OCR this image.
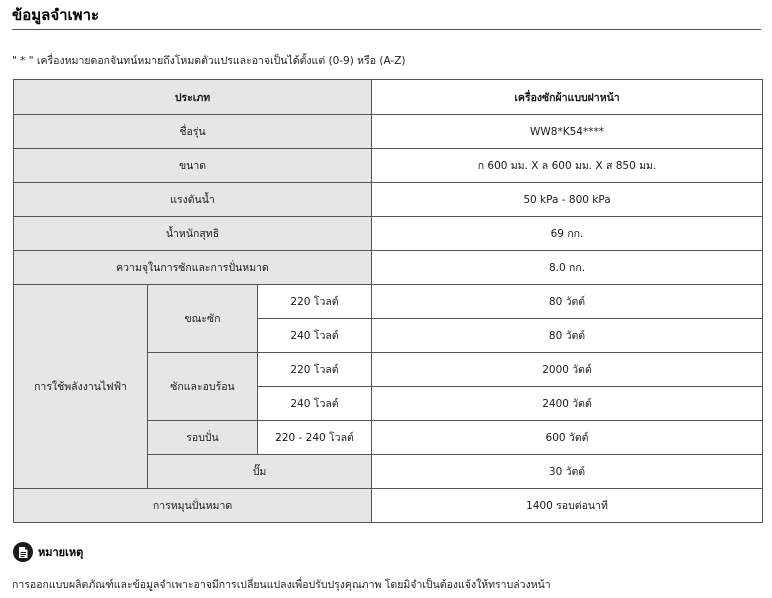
ข้อมูลจำเพาะ
" * " เครื่องหมายดอกจันทน์หมายถึงโหมดตัวแปรและอาจเป็นได้ตั้งแต่ (0-9) หรือ (A-Z)
ประเภท			เครื่องซักผ้าแบบฝาหน้า
ชื่อรุ่น			WW8*K54****
ขนาด			ก 600 มม. X ล 600 มม. X ส 850 มม.
แรงดันน้ำ			50 kPa - 800 kPa
น้ำหนักสุทธิ			69 กก.
ความจุในการซักและการปั่นหมาด			8.0 กก.
การใช้พลังงานไฟฟ้า	ขณะซัก	220 โวลต์	80 วัตต์
		240 โวลต์	80 วัตต์
	ซักและอบร้อน	220 โวลต์	2000 วัตต์
		240 โวลต์	2400 วัตต์
	รอบปั่น	220 - 240 โวลต์	600 วัตต์
	ปั๊ม		30 วัตต์
การหมุนปั่นหมาด			1400 รอบต่อนาที
หมายเหตุ
การออกแบบผลิตภัณฑ์และข้อมูลจำเพาะอาจมีการเปลี่ยนแปลงเพื่อปรับปรุงคุณภาพ โดยมิจำเป็นต้องแจ้งให้ทราบล่วงหน้า
